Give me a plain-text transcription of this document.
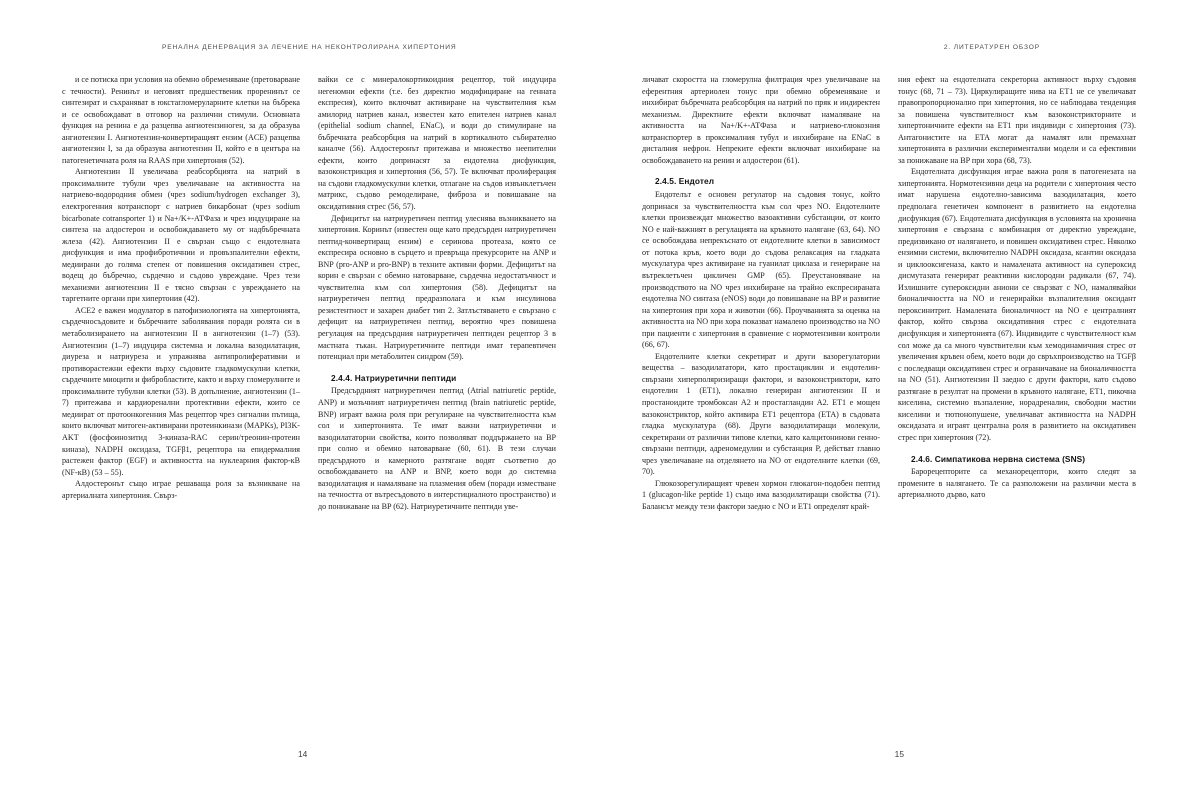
РЕНАЛНА ДЕНЕРВАЦИЯ ЗА ЛЕЧЕНИЕ НА НЕКОНТРОЛИРАНА ХИПЕРТОНИЯ

и се потиска при условия на обемно обременяване (претоварване с течности). Ренинът и неговият предшественик проренинът се синтезират и съхраняват в юкстагломеруларните клетки на бъбрека и се освобождават в отговор на различни стимули. Основната функция на ренина е да разцепва ангиотензиноген, за да образува ангиотензин I. Ангиотензин-конвертиращият ензим (ACE) разцепва ангиотензин I, за да образува ангиотензин II, който е в центъра на патогенетичната роля на RAAS при хипертония (52).

Ангиотензин II увеличава реабсорбцията на натрий в проксималните тубули чрез увеличаване на активността на натриево-водородния обмен (чрез sodium/hydrogen exchanger 3), електрогенния котранспорт с натриев бикарбонат (чрез sodium bicarbonate cotransporter 1) и Na+/K+-АТФаза и чрез индуциране на синтеза на алдостерон и освобождаването му от надбъбречната жлеза (42). Ангиотензин II е свързан също с ендотелната дисфункция и има профибротичнии и провъзпалителни ефекти, медиирани до голяма степен от повишения оксидативен стрес, водещ до бъбречно, сърдечно и съдово увреждане. Чрез тези механизми ангиотензин II е тясно свързан с увреждането на таргетните органи при хипертония (42).

ACE2 е важен модулатор в патофизиологията на хипертонията, сърдечносъдовите и бъбречните заболявания поради ролята си в метаболизирането на ангиотензин II в ангиотензин (1–7) (53). Ангиотензин (1–7) индуцира системна и локална вазодилатация, диуреза и натриуреза и упражнява антипролиферативни и противорастежни ефекти върху съдовите гладкомускулни клетки, сърдечните миоцити и фибробластите, както и върху гломерулните и проксималните тубулни клетки (53). В допълнение, ангиотензин (1–7) притежава и кардиоренални протективни ефекти, които се медиират от протоонкогенния Mas рецептор чрез сигнални пътища, които включват митоген-активирани протеинкинази (MAPKs), PI3K-AKT (фосфоинозитид 3-киназа-RAC серин/треонин-протеин киназа), NADPH оксидаза, TGFβ1, рецептора на епидермалния растежен фактор (EGF) и активността на нуклеарния фактор-кВ (NF-кВ) (53 – 55).

Алдостеронът също играе решаваща роля за възникване на артериалната хипертония. Свърз-

вайки се с минералокортикоидния рецептор, той индуцира негеномни ефекти (т.е. без директно модифициране на генната експресия), които включват активиране на чувствителния към амилорид натриев канал, известен като епителен натриев канал (epithelial sodium channel, ENaC), и води до стимулиране на бъбречната реабсорбция на натрий в кортикалното събирателно каналче (56). Алдостеронът притежава и множество неепителни ефекти, които допринасят за ендотелна дисфункция, вазоконстрикция и хипертония (56, 57). Те включват пролиферация на съдови гладкомускулни клетки, отлагане на съдов извънклетъчен матрикс, съдово ремоделиране, фиброза и повишаване на оксидативния стрес (56, 57).

Дефицитът на натриуретичен пептид улеснява възникването на хипертония. Коринът (известен още като предсърден натриуретичен пептид-конвертиращ ензим) е серинова протеаза, която се експресира основно в сърцето и превръща прекурсорите на ANP и BNP (pro-ANP и pro-BNP) в техните активни форми. Дефицитът на корин е свързан с обемно натоварване, сърдечна недостатъчност и чувствителна към сол хипертония (58). Дефицитът на натриуретичен пептид предразполага и към инсулинова резистентност и захарен диабет тип 2. Затлъстяването е свързано с дефицит на натриуретичен пептид, вероятно чрез повишена регулация на предсърдния натриуретичен пептиден рецептор 3 в мастната тъкан. Натриуретичните пептиди имат терапевтичен потенциал при метаболитен синдром (59).

2.4.4. Натриуретични пептиди

Предсърдният натриуретичен пептид (Atrial natriuretic peptide, ANP) и мозъчният натриуретичен пептид (brain natriuretic peptide, BNP) играят важна роля при регулиране на чувствителността към сол и хипертонията. Те имат важни натриуретични и вазодилататорни свойства, които позволяват поддържането на BP при солно и обемно натоварване (60, 61). В тези случаи предсърдното и камерното разтягане водят съответно до освобождаването на ANP и BNP, което води до системна вазодилатация и намаляване на плазмения обем (поради изместване на течността от вътресъдовото в интерстициалното пространство) и до понижаване на BP (62). Натриуретичните пептиди уве-

14
2. ЛИТЕРАТУРЕН ОБЗОР

личават скоростта на гломерулна филтрация чрез увеличаване на еферентния артериолен тонус при обемно обременяване и инхибират бъбречната реабсорбция на натрий по пряк и индиректен механизъм. Директните ефекти включват намаляване на активността на Na+/K+-АТФаза и натриево-глюкозния котранспортер в проксималния тубул и инхибиране на ENaC в дисталния нефрон. Непреките ефекти включват инхибиране на освобождаването на ренин и алдостерон (61).

2.4.5. Ендотел

Ендотелът е основен регулатор на съдовия тонус, който допринася за чувствителността към сол чрез NO. Ендотелните клетки произвеждат множество вазоактивни субстанции, от които NO е най-важният в регулацията на кръвното налягане (63, 64). NO се освобождава непрекъснато от ендотелните клетки в зависимост от потока кръв, което води до съдова релаксация на гладката мускулатура чрез активиране на гуанилат циклаза и генериране на вътреклетъчен цикличен GMP (65). Преустановяване на производството на NO чрез инхибиране на трайно експресираната ендотелна NO синтаза (eNOS) води до повишаване на BP и развитие на хипертония при хора и животни (66). Проучванията за оценка на активността на NO при хора показват намалено производство на NO при пациенти с хипертония в сравнение с нормотензивни контроли (66, 67).

Ендотелните клетки секретират и други вазорегулаторни вещества – вазодилататори, като простациклин и ендотелин-свързани хиперполяризиращи фактори, и вазоконстриктори, като ендотелин 1 (ET1), локално генериран ангиотензин II и простаноидите тромбоксан A2 и простагландин A2. ET1 е мощен вазоконстриктор, който активира ET1 рецептора (ETA) в съдовата гладка мускулатура (68). Други вазодилатиращи молекули, секретирани от различни типове клетки, като калцитонинови генно-свързани пептиди, адреномедулин и субстанция P, действат главно чрез увеличаване на отделянето на NO от ендотелните клетки (69, 70).

Глюкозорегулиращият чревен хормон глюкагон-подобен пептид 1 (glucagon-like peptide 1) също има вазодилатиращи свойства (71). Балансът между тези фактори заедно с NO и ET1 определят край-

ния ефект на ендотелната секреторна активност върху съдовия тонус (68, 71 – 73). Циркулиращите нива на ET1 не се увеличават правопропорционално при хипертония, но се наблюдава тенденция за повишена чувствителност към вазоконстрикторните и хипертоничните ефекти на ET1 при индивиди с хипертония (73). Антагонистите на ETA могат да намалят или премахнат хипертонията в различни експериментални модели и са ефективни за понижаване на BP при хора (68, 73).

Ендотелната дисфункция играе важна роля в патогенезата на хипертонията. Нормотензивни деца на родители с хипертония често имат нарушена ендотелно-зависима вазодилатация, което предполага генетичен компонент в развитието на ендотелна дисфункция (67). Ендотелната дисфункция в условията на хронична хипертония е свързана с комбинация от директно увреждане, предизвикано от налягането, и повишен оксидативен стрес. Няколко ензимни системи, включително NADPH оксидаза, ксантин оксидаза и циклооксигеназа, както и намалената активност на супероксид дисмутазата генерират реактивни кислородни радикали (67, 74). Излишните супероксидни аниони се свързват с NO, намалявайки бионаличността на NO и генерирайки възпалителния оксидант пероксинитрит. Намалената бионаличност на NO е централният фактор, който свързва оксидативния стрес с ендотелната дисфункция и хипертонията (67). Индивидите с чувствителност към сол може да са много чувствителни към хемодинамичния стрес от увеличения кръвен обем, което води до свръхпроизводство на TGFβ с последващи оксидативен стрес и ограничаване на бионаличността на NO (51). Ангиотензин II заедно с други фактори, като съдово разтягане в резултат на промени в кръвното налягане, ET1, пикочна киселина, системно възпаление, норадреналин, свободни мастни киселини и тютюнопушене, увеличават активността на NADPH оксидазата и играят централна роля в развитието на оксидативен стрес при хипертония (72).

2.4.6. Симпатикова нервна система (SNS)

Барорецепторите са механорецептори, които следят за промените в налягането. Те са разположени на различни места в артериалното дърво, като

15
